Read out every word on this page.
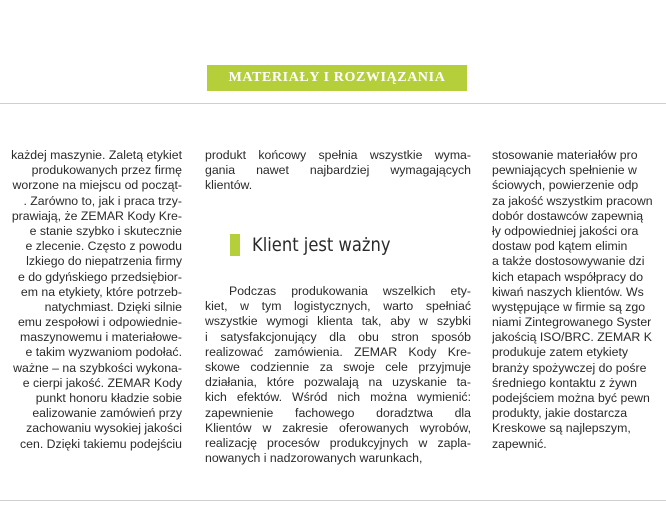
MATERIAŁY I ROZWIĄZANIA
każdej maszynie. Zaletą etykiet
produkowanych przez firmę
worzone na miejscu od począt-
. Zarówno to, jak i praca trzy-
prawiają, że ZEMAR Kody Kre-
e stanie szybko i skutecznie
e zlecenie. Często z powodu
lzkiego do niepatrzenia firmy
e do gdyńskiego przedsiębior-
em na etykiety, które potrzeb-
natychmiast. Dzięki silnie
emu zespołowi i odpowiednie-
maszynowemu i materiałowe-
e takim wyzwaniom podołać.
ważne – na szybkości wykona-
e cierpi jakość. ZEMAR Kody
punkt honoru kładzie sobie
ealizowanie zamówień przy
zachowaniu wysokiej jakości
cen. Dzięki takiemu podejściu
produkt końcowy spełnia wszystkie wyma-
gania nawet najbardziej wymagających
klientów.
Klient jest ważny
Podczas produkowania wszelkich ety-
kiet, w tym logistycznych, warto spełniać
wszystkie wymogi klienta tak, aby w szybki
i satysfakcjonujący dla obu stron sposób
realizować zamówienia. ZEMAR Kody Kre-
skowe codziennie za swoje cele przyjmuje
działania, które pozwalają na uzyskanie ta-
kich efektów. Wśród nich można wymienić:
zapewnienie fachowego doradztwa dla
Klientów w zakresie oferowanych wyrobów,
realizację procesów produkcyjnych w zapla-
nowanych i nadzorowanych warunkach,
stosowanie materiałów pro
pewniających spełnienie w
ściowych, powierzenie odp
za jakość wszystkim pracown
dobór dostawców zapewnią
ły odpowiedniej jakości ora
dostaw pod kątem elimin
a także dostosowywanie dzi
kich etapach współpracy do
kiwań naszych klientów. Ws
występujące w firmie są zgo
niami Zintegrowanego Syster
jakością ISO/BRC. ZEMAR K
produkuje zatem etykiety
branży spożywczej do pośre
średniego kontaktu z żywn
podejściem można być pewn
produkty, jakie dostarcza
Kreskowe są najlepszym,
zapewnić.
